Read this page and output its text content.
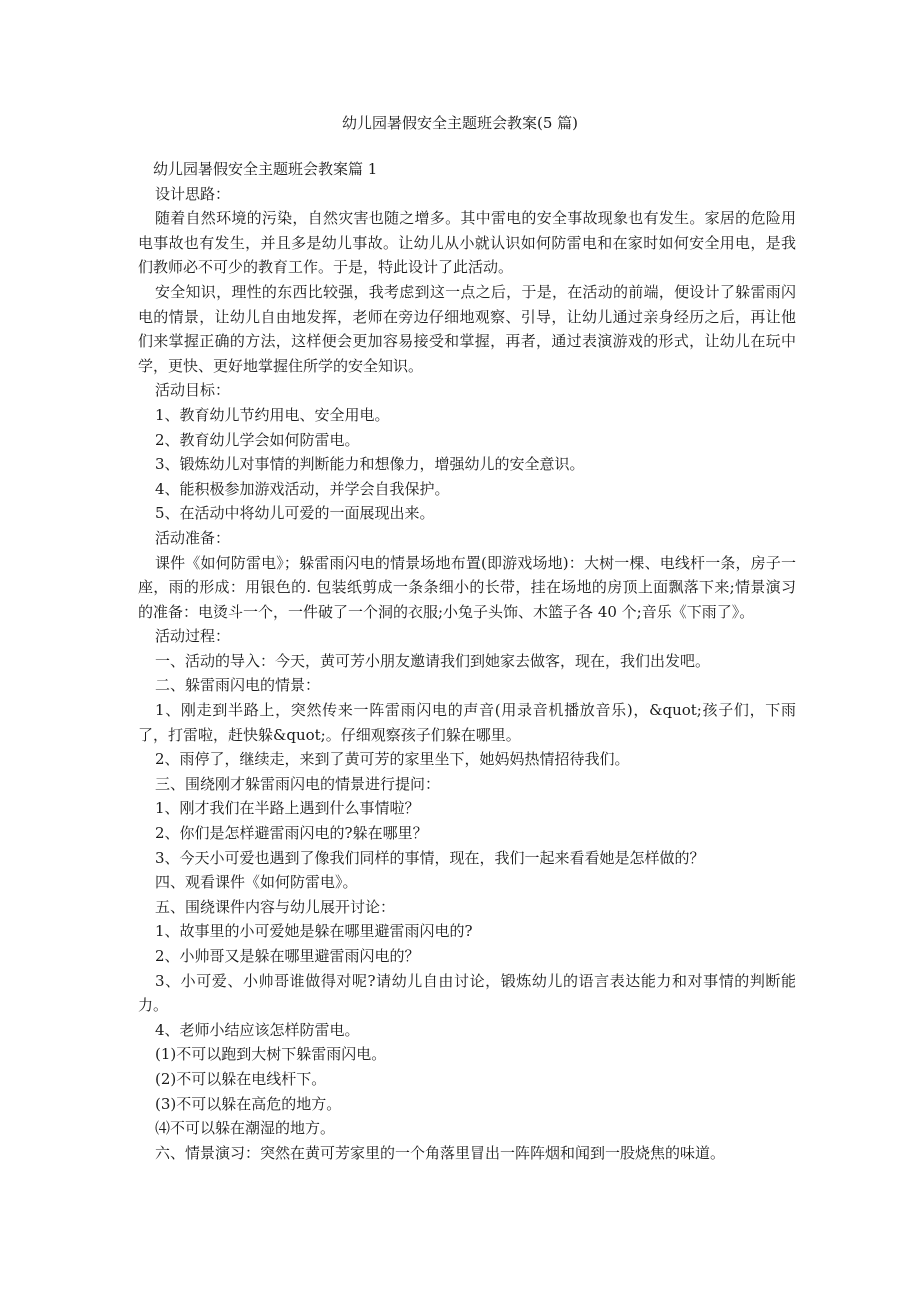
幼儿园暑假安全主题班会教案(5 篇)

幼儿园暑假安全主题班会教案篇 1

设计思路：

随着自然环境的污染，自然灾害也随之增多。其中雷电的安全事故现象也有发生。家居的危险用电事故也有发生，并且多是幼儿事故。让幼儿从小就认识如何防雷电和在家时如何安全用电，是我们教师必不可少的教育工作。于是，特此设计了此活动。

安全知识，理性的东西比较强，我考虑到这一点之后，于是，在活动的前端，便设计了躲雷雨闪电的情景，让幼儿自由地发挥，老师在旁边仔细地观察、引导，让幼儿通过亲身经历之后，再让他们来掌握正确的方法，这样便会更加容易接受和掌握，再者，通过表演游戏的形式，让幼儿在玩中学，更快、更好地掌握住所学的安全知识。

活动目标：

1、教育幼儿节约用电、安全用电。

2、教育幼儿学会如何防雷电。

3、锻炼幼儿对事情的判断能力和想像力，增强幼儿的安全意识。

4、能积极参加游戏活动，并学会自我保护。

5、在活动中将幼儿可爱的一面展现出来。

活动准备：

课件《如何防雷电》；躲雷雨闪电的情景场地布置(即游戏场地)：大树一棵、电线杆一条，房子一座，雨的形成：用银色的. 包装纸剪成一条条细小的长带，挂在场地的房顶上面飘落下来;情景演习的准备：电烫斗一个，一件破了一个洞的衣服;小兔子头饰、木篮子各 40 个;音乐《下雨了》。

活动过程：

一、活动的导入：今天，黄可芳小朋友邀请我们到她家去做客，现在，我们出发吧。

二、躲雷雨闪电的情景：

1、刚走到半路上，突然传来一阵雷雨闪电的声音(用录音机播放音乐)，&quot;孩子们，下雨了，打雷啦，赶快躲&quot;。仔细观察孩子们躲在哪里。

2、雨停了，继续走，来到了黄可芳的家里坐下，她妈妈热情招待我们。

三、围绕刚才躲雷雨闪电的情景进行提问：

1、刚才我们在半路上遇到什么事情啦？

2、你们是怎样避雷雨闪电的?躲在哪里？

3、今天小可爱也遇到了像我们同样的事情，现在，我们一起来看看她是怎样做的？

四、观看课件《如何防雷电》。

五、围绕课件内容与幼儿展开讨论：

1、故事里的小可爱她是躲在哪里避雷雨闪电的?

2、小帅哥又是躲在哪里避雷雨闪电的？

3、小可爱、小帅哥谁做得对呢?请幼儿自由讨论，锻炼幼儿的语言表达能力和对事情的判断能力。

4、老师小结应该怎样防雷电。

(1)不可以跑到大树下躲雷雨闪电。

(2)不可以躲在电线杆下。

(3)不可以躲在高危的地方。

⑷不可以躲在潮湿的地方。

六、情景演习：突然在黄可芳家里的一个角落里冒出一阵阵烟和闻到一股烧焦的味道。
